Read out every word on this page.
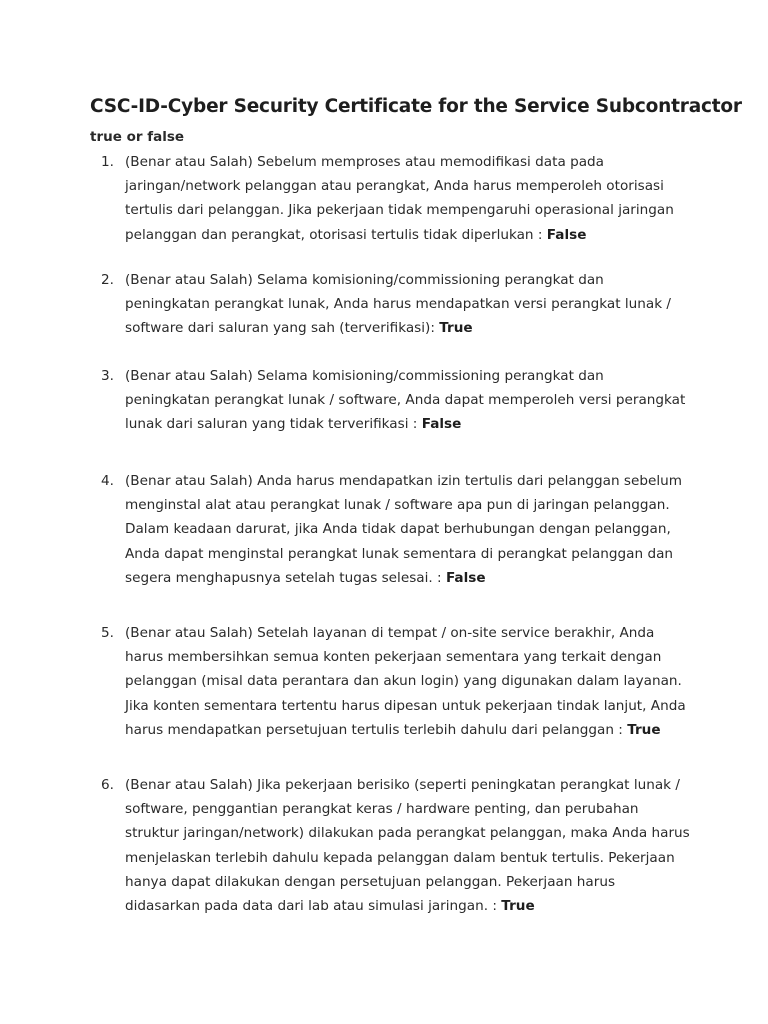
CSC-ID-Cyber Security Certificate for the Service Subcontractor

true or false

1. (Benar atau Salah) Sebelum memproses atau memodifikasi data pada jaringan/network pelanggan atau perangkat, Anda harus memperoleh otorisasi tertulis dari pelanggan. Jika pekerjaan tidak mempengaruhi operasional jaringan pelanggan dan perangkat, otorisasi tertulis tidak diperlukan : False
2. (Benar atau Salah) Selama komisioning/commissioning perangkat dan peningkatan perangkat lunak, Anda harus mendapatkan versi perangkat lunak / software dari saluran yang sah (terverifikasi): True
3. (Benar atau Salah) Selama komisioning/commissioning perangkat dan peningkatan perangkat lunak / software, Anda dapat memperoleh versi perangkat lunak dari saluran yang tidak terverifikasi : False
4. (Benar atau Salah) Anda harus mendapatkan izin tertulis dari pelanggan sebelum menginstal alat atau perangkat lunak / software apa pun di jaringan pelanggan. Dalam keadaan darurat, jika Anda tidak dapat berhubungan dengan pelanggan, Anda dapat menginstal perangkat lunak sementara di perangkat pelanggan dan segera menghapusnya setelah tugas selesai. : False
5. (Benar atau Salah) Setelah layanan di tempat / on-site service berakhir, Anda harus membersihkan semua konten pekerjaan sementara yang terkait dengan pelanggan (misal data perantara dan akun login) yang digunakan dalam layanan. Jika konten sementara tertentu harus dipesan untuk pekerjaan tindak lanjut, Anda harus mendapatkan persetujuan tertulis terlebih dahulu dari pelanggan : True
6. (Benar atau Salah) Jika pekerjaan berisiko (seperti peningkatan perangkat lunak / software, penggantian perangkat keras / hardware penting, dan perubahan struktur jaringan/network) dilakukan pada perangkat pelanggan, maka Anda harus menjelaskan terlebih dahulu kepada pelanggan dalam bentuk tertulis. Pekerjaan hanya dapat dilakukan dengan persetujuan pelanggan. Pekerjaan harus didasarkan pada data dari lab atau simulasi jaringan. : True
